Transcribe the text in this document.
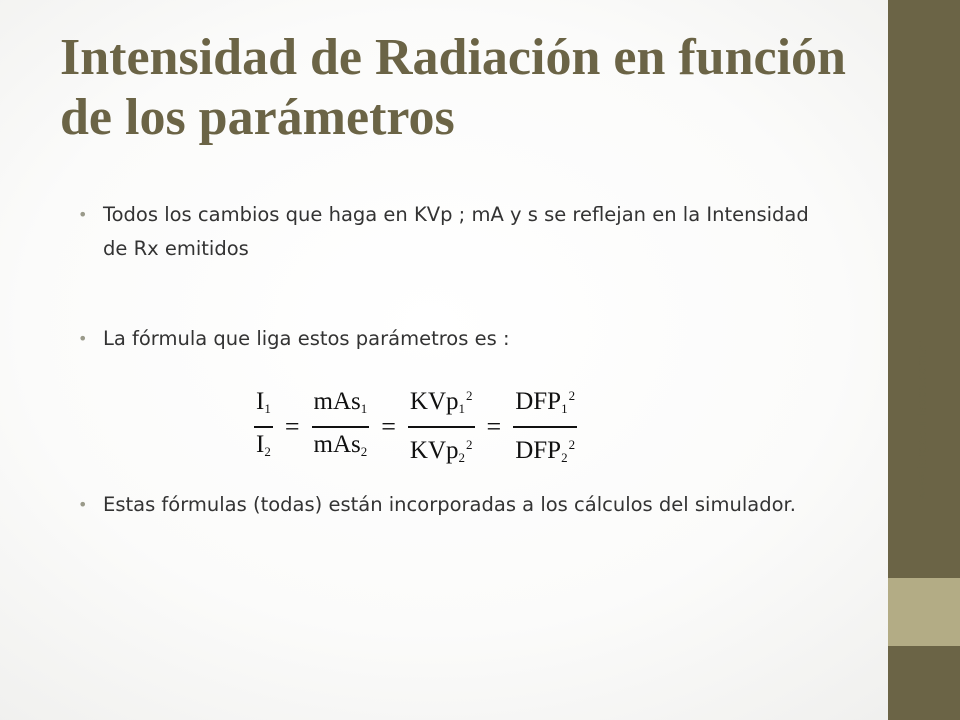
Intensidad de Radiación en función de los parámetros
• Todos los cambios que haga en KVp ; mA y s se reflejan en la Intensidad de Rx emitidos
• La fórmula que liga estos parámetros es :
• Estas fórmulas (todas) están incorporadas a los cálculos del simulador.
$\frac{I_1}{I_2} = \frac{mAs_1}{mAs_2} = \frac{KVp_1^2}{KVp_2^2} = \frac{DFP_1^2}{DFP_2^2}$	www.jorgeeuillades.com.ar
